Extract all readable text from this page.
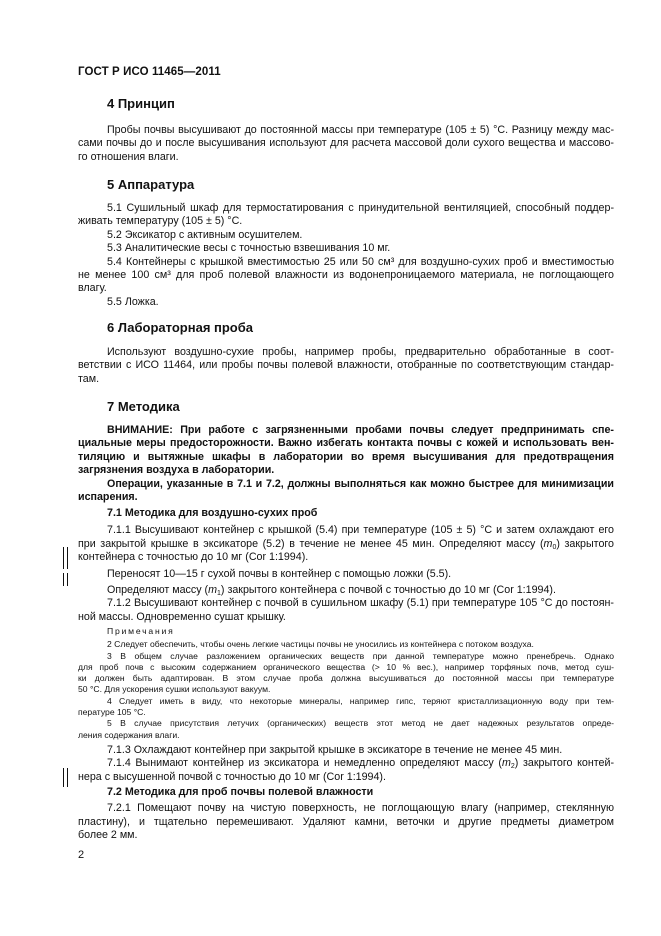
ГОСТ Р ИСО 11465—2011
4 Принцип

Пробы почвы высушивают до постоянной массы при температуре (105 ± 5) °С. Разницу между мас-

сами почвы до и после высушивания используют для расчета массовой доли сухого вещества и массово-

го отношения влаги.

5 Аппаратура

5.1 Сушильный шкаф для термостатирования с принудительной вентиляцией, способный поддер-

живать температуру (105 ± 5) °С.

5.2 Эксикатор с активным осушителем.

5.3 Аналитические весы с точностью взвешивания 10 мг.

5.4 Контейнеры с крышкой вместимостью 25 или 50 см³ для воздушно-сухих проб и вместимостью

не менее 100 см³ для проб полевой влажности из водонепроницаемого материала, не поглощающего

влагу.

5.5 Ложка.

6 Лабораторная проба

Используют воздушно-сухие пробы, например пробы, предварительно обработанные в соот-

ветствии с ИСО 11464, или пробы почвы полевой влажности, отобранные по соответствующим стандар-

там.

7 Методика

ВНИМАНИЕ: При работе с загрязненными пробами почвы следует предпринимать спе-

циальные меры предосторожности. Важно избегать контакта почвы с кожей и использовать вен-

тиляцию и вытяжные шкафы в лаборатории во время высушивания для предотвращения

загрязнения воздуха в лаборатории.

Операции, указанные в 7.1 и 7.2, должны выполняться как можно быстрее для минимизации

испарения.

7.1 Методика для воздушно-сухих проб

7.1.1 Высушивают контейнер с крышкой (5.4) при температуре (105 ± 5) °С и затем охлаждают его

при закрытой крышке в эксикаторе (5.2) в течение не менее 45 мин. Определяют массу $(m_0)$ закрытого

контейнера с точностью до 10 мг (Cor 1:1994).

Переносят 10—15 г сухой почвы в контейнер с помощью ложки (5.5).

Определяют массу $(m_1)$ закрытого контейнера с почвой с точностью до 10 мг (Cor 1:1994).

7.1.2 Высушивают контейнер с почвой в сушильном шкафу (5.1) при температуре 105 °С до постоян-

ной массы. Одновременно сушат крышку.

Примечания

2 Следует обеспечить, чтобы очень легкие частицы почвы не уносились из контейнера с потоком воздуха.

3 В общем случае разложением органических веществ при данной температуре можно пренебречь. Однако

для проб почв с высоким содержанием органического вещества (> 10 % вес.), например торфяных почв, метод суш-

ки должен быть адаптирован. В этом случае проба должна высушиваться до постоянной массы при температуре

50 °С. Для ускорения сушки используют вакуум.

4 Следует иметь в виду, что некоторые минералы, например гипс, теряют кристаллизационную воду при тем-

пературе 105 °С.

5 В случае присутствия летучих (органических) веществ этот метод не дает надежных результатов опреде-

ления содержания влаги.

7.1.3 Охлаждают контейнер при закрытой крышке в эксикаторе в течение не менее 45 мин.

7.1.4 Вынимают контейнер из эксикатора и немедленно определяют массу $(m_2)$ закрытого контей-

нера с высушенной почвой с точностью до 10 мг (Cor 1:1994).

7.2 Методика для проб почвы полевой влажности

7.2.1 Помещают почву на чистую поверхность, не поглощающую влагу (например, стеклянную

пластину), и тщательно перемешивают. Удаляют камни, веточки и другие предметы диаметром

более 2 мм.

2
